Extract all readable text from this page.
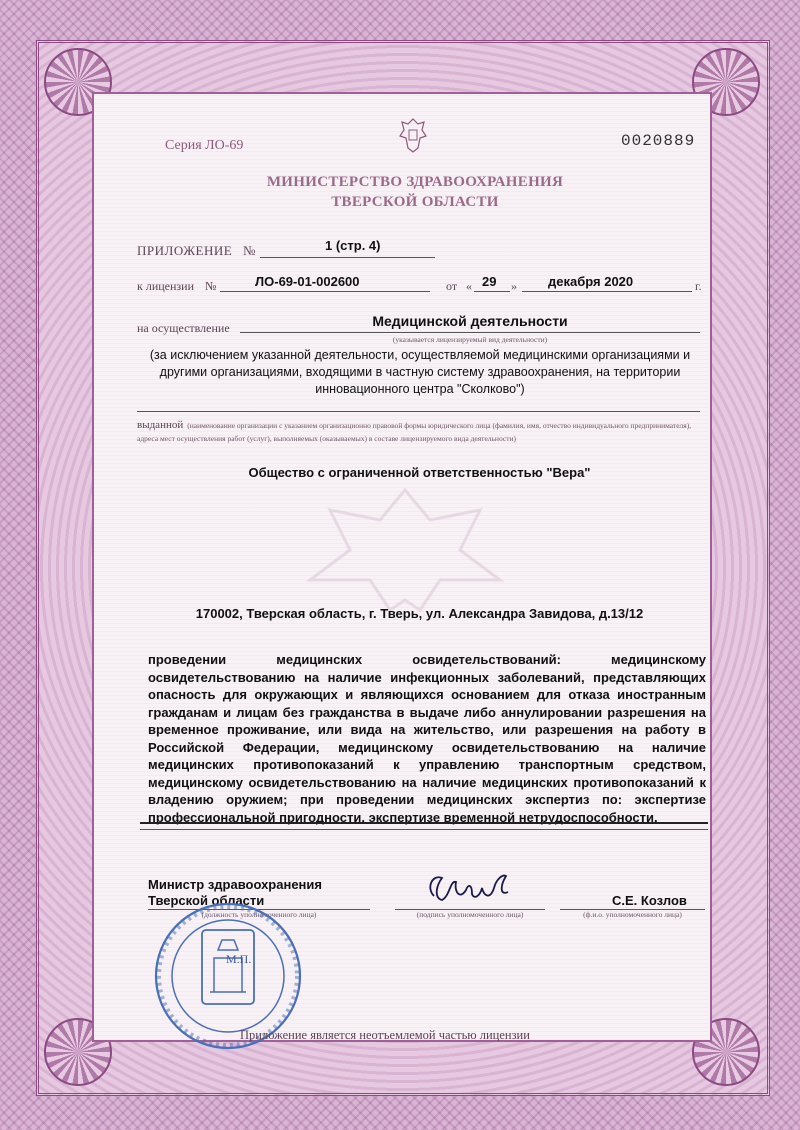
Серия ЛО-69	0020889
МИНИСТЕРСТВО ЗДРАВООХРАНЕНИЯ
ТВЕРСКОЙ ОБЛАСТИ
ПРИЛОЖЕНИЕ №	1 (стр. 4)
к лицензии №	ЛО-69-01-002600	от « 29 » декабря 2020	г.
на осуществление	Медицинской деятельности
(указывается лицензируемый вид деятельности)
(за исключением указанной деятельности, осуществляемой медицинскими организациями и другими организациями, входящими в частную систему здравоохранения, на территории инновационного центра "Сколково")
выданной (наименование организации с указанием организационно правовой формы юридического лица (фамилия, имя, отчество индивидуального предпринимателя), адреса мест осуществления работ (услуг), выполняемых (оказываемых) в составе лицензируемого вида деятельности)
Общество с ограниченной ответственностью "Вера"
170002, Тверская область, г. Тверь, ул. Александра Завидова, д.13/12
проведении медицинских освидетельствований: медицинскому освидетельствованию на наличие инфекционных заболеваний, представляющих опасность для окружающих и являющихся основанием для отказа иностранным гражданам и лицам без гражданства в выдаче либо аннулировании разрешения на временное проживание, или вида на жительство, или разрешения на работу в Российской Федерации, медицинскому освидетельствованию на наличие медицинских противопоказаний к управлению транспортным средством, медицинскому освидетельствованию на наличие медицинских противопоказаний к владению оружием; при проведении медицинских экспертиз по: экспертизе профессиональной пригодности, экспертизе временной нетрудоспособности.
Министр здравоохранения
Тверской области
(должность уполномоченного лица)	(подпись уполномоченного лица)
С.Е. Козлов
(ф.и.о. уполномоченного лица)
М.П.
Приложение является неотъемлемой частью лицензии
